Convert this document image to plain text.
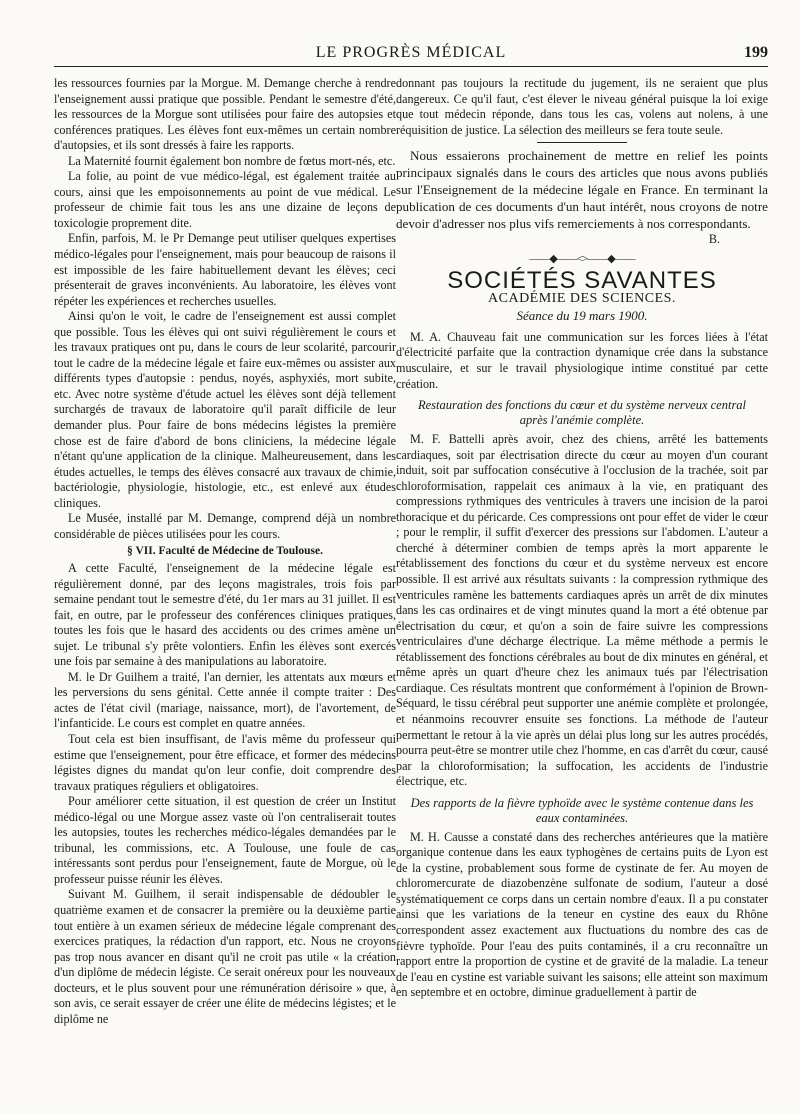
LE PROGRÈS MÉDICAL	199

les ressources fournies par la Morgue. M. Demange cherche à rendre l'enseignement aussi pratique que possible. Pendant le semestre d'été, les ressources de la Morgue sont utilisées pour faire des autopsies et conférences pratiques. Les élèves font eux-mêmes un certain nombre d'autopsies, et ils sont dressés à faire les rapports.

La Maternité fournit également bon nombre de fœtus mort-nés, etc.

La folie, au point de vue médico-légal, est également traitée au cours, ainsi que les empoisonnements au point de vue médical. Le professeur de chimie fait tous les ans une dizaine de leçons de toxicologie proprement dite.

Enfin, parfois, M. le Pr Demange peut utiliser quelques expertises médico-légales pour l'enseignement, mais pour beaucoup de raisons il est impossible de les faire habituellement devant les élèves; ceci présenterait de graves inconvénients. Au laboratoire, les élèves vont répéter les expériences et recherches usuelles.

Ainsi qu'on le voit, le cadre de l'enseignement est aussi complet que possible. Tous les élèves qui ont suivi régulièrement le cours et les travaux pratiques ont pu, dans le cours de leur scolarité, parcourir tout le cadre de la médecine légale et faire eux-mêmes ou assister aux différents types d'autopsie : pendus, noyés, asphyxiés, mort subite, etc. Avec notre système d'étude actuel les élèves sont déjà tellement surchargés de travaux de laboratoire qu'il paraît difficile de leur demander plus. Pour faire de bons médecins légistes la première chose est de faire d'abord de bons cliniciens, la médecine légale n'étant qu'une application de la clinique. Malheureusement, dans les études actuelles, le temps des élèves consacré aux travaux de chimie, bactériologie, physiologie, histologie, etc., est enlevé aux études cliniques.

Le Musée, installé par M. Demange, comprend déjà un nombre considérable de pièces utilisées pour les cours.

§ VII. Faculté de Médecine de Toulouse.

A cette Faculté, l'enseignement de la médecine légale est régulièrement donné, par des leçons magistrales, trois fois par semaine pendant tout le semestre d'été, du 1er mars au 31 juillet. Il est fait, en outre, par le professeur des conférences cliniques pratiques, toutes les fois que le hasard des accidents ou des crimes amène un sujet. Le tribunal s'y prête volontiers. Enfin les élèves sont exercés une fois par semaine à des manipulations au laboratoire.

M. le Dr Guilhem a traité, l'an dernier, les attentats aux mœurs et les perversions du sens génital. Cette année il compte traiter : Des actes de l'état civil (mariage, naissance, mort), de l'avortement, de l'infanticide. Le cours est complet en quatre années.

Tout cela est bien insuffisant, de l'avis même du professeur qui estime que l'enseignement, pour être efficace, et former des médecins légistes dignes du mandat qu'on leur confie, doit comprendre des travaux pratiques réguliers et obligatoires.

Pour améliorer cette situation, il est question de créer un Institut médico-légal ou une Morgue assez vaste où l'on centraliserait toutes les autopsies, toutes les recherches médico-légales demandées par le tribunal, les commissions, etc. A Toulouse, une foule de cas intéressants sont perdus pour l'enseignement, faute de Morgue, où le professeur puisse réunir les élèves.

Suivant M. Guilhem, il serait indispensable de dédoubler le quatrième examen et de consacrer la première ou la deuxième partie tout entière à un examen sérieux de médecine légale comprenant des exercices pratiques, la rédaction d'un rapport, etc. Nous ne croyons pas trop nous avancer en disant qu'il ne croit pas utile « la création d'un diplôme de médecin légiste. Ce serait onéreux pour les nouveaux docteurs, et le plus souvent pour une rémunération dérisoire » que, à son avis, ce serait essayer de créer une élite de médecins légistes; et le diplôme ne

donnant pas toujours la rectitude du jugement, ils ne seraient que plus dangereux. Ce qu'il faut, c'est élever le niveau général puisque la loi exige que tout médecin réponde, dans tous les cas, volens aut nolens, à une réquisition de justice. La sélection des meilleurs se fera toute seule.

Nous essaierons prochainement de mettre en relief les points principaux signalés dans le cours des articles que nous avons publiés sur l'Enseignement de la médecine légale en France. En terminant la publication de ces documents d'un haut intérêt, nous croyons de notre devoir d'adresser nos plus vifs remerciements à nos correspondants.

B.
——◆——<>——◆——
SOCIÉTÉS SAVANTES
ACADÉMIE DES SCIENCES.
Séance du 19 mars 1900.

M. A. Chauveau fait une communication sur les forces liées à l'état d'électricité parfaite que la contraction dynamique crée dans la substance musculaire, et sur le travail physiologique intime constitué par cette création.

Restauration des fonctions du cœur et du système nerveux central après l'anémie complète.

M. F. Battelli après avoir, chez des chiens, arrêté les battements cardiaques, soit par électrisation directe du cœur au moyen d'un courant induit, soit par suffocation consécutive à l'occlusion de la trachée, soit par chloroformisation, rappelait ces animaux à la vie, en pratiquant des compressions rythmiques des ventricules à travers une incision de la paroi thoracique et du péricarde. Ces compressions ont pour effet de vider le cœur ; pour le remplir, il suffit d'exercer des pressions sur l'abdomen. L'auteur a cherché à déterminer combien de temps après la mort apparente le rétablissement des fonctions du cœur et du système nerveux est encore possible. Il est arrivé aux résultats suivants : la compression rythmique des ventricules ramène les battements cardiaques après un arrêt de dix minutes dans les cas ordinaires et de vingt minutes quand la mort a été obtenue par électrisation du cœur, et qu'on a soin de faire suivre les compressions ventriculaires d'une décharge électrique. La même méthode a permis le rétablissement des fonctions cérébrales au bout de dix minutes en général, et même après un quart d'heure chez les animaux tués par l'électrisation cardiaque. Ces résultats montrent que conformément à l'opinion de Brown-Séquard, le tissu cérébral peut supporter une anémie complète et prolongée, et néanmoins recouvrer ensuite ses fonctions. La méthode de l'auteur permettant le retour à la vie après un délai plus long sur les autres procédés, pourra peut-être se montrer utile chez l'homme, en cas d'arrêt du cœur, causé par la chloroformisation; la suffocation, les accidents de l'industrie électrique, etc.

Des rapports de la fièvre typhoïde avec le système contenue dans les eaux contaminées.

M. H. Causse a constaté dans des recherches antérieures que la matière organique contenue dans les eaux typhogènes de certains puits de Lyon est de la cystine, probablement sous forme de cystinate de fer. Au moyen de chloromercurate de diazobenzène sulfonate de sodium, l'auteur a dosé systématiquement ce corps dans un certain nombre d'eaux. Il a pu constater ainsi que les variations de la teneur en cystine des eaux du Rhône correspondent assez exactement aux fluctuations du nombre des cas de fièvre typhoïde. Pour l'eau des puits contaminés, il a cru reconnaître un rapport entre la proportion de cystine et de gravité de la maladie. La teneur de l'eau en cystine est variable suivant les saisons; elle atteint son maximum en septembre et en octobre, diminue graduellement à partir de
